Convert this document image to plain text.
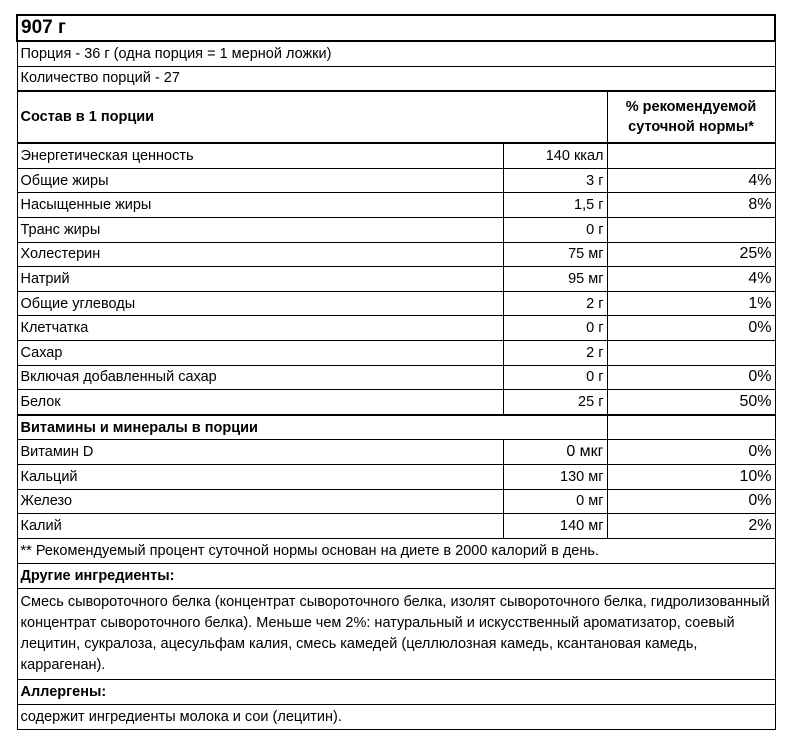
907 г		
Порция - 36 г (одна порция = 1 мерной ложки)		
Количество порций - 27		
Состав в 1 порции		% рекомендуемой суточной нормы*
Энергетическая ценность	140 ккал	
Общие жиры	3 г	4%
Насыщенные жиры	1,5 г	8%
Транс жиры	0 г	
Холестерин	75 мг	25%
Натрий	95 мг	4%
Общие углеводы	2 г	1%
Клетчатка	0 г	0%
Сахар	2 г	
Включая добавленный сахар	0 г	0%
Белок	25 г	50%
Витамины и минералы в порции		
Витамин D	0 мкг	0%
Кальций	130 мг	10%
Железо	0 мг	0%
Калий	140 мг	2%
** Рекомендуемый процент суточной нормы основан на диете в 2000 калорий в день.		
Другие ингредиенты:		
Смесь сывороточного белка (концентрат сывороточного белка, изолят сывороточного белка, гидролизованный концентрат сывороточного белка). Меньше чем 2%: натуральный и искусственный ароматизатор, соевый лецитин, сукралоза, ацесульфам калия, смесь камедей (целлюлозная камедь, ксантановая камедь, каррагенан).		
Аллергены:		
содержит ингредиенты молока и сои (лецитин).		
